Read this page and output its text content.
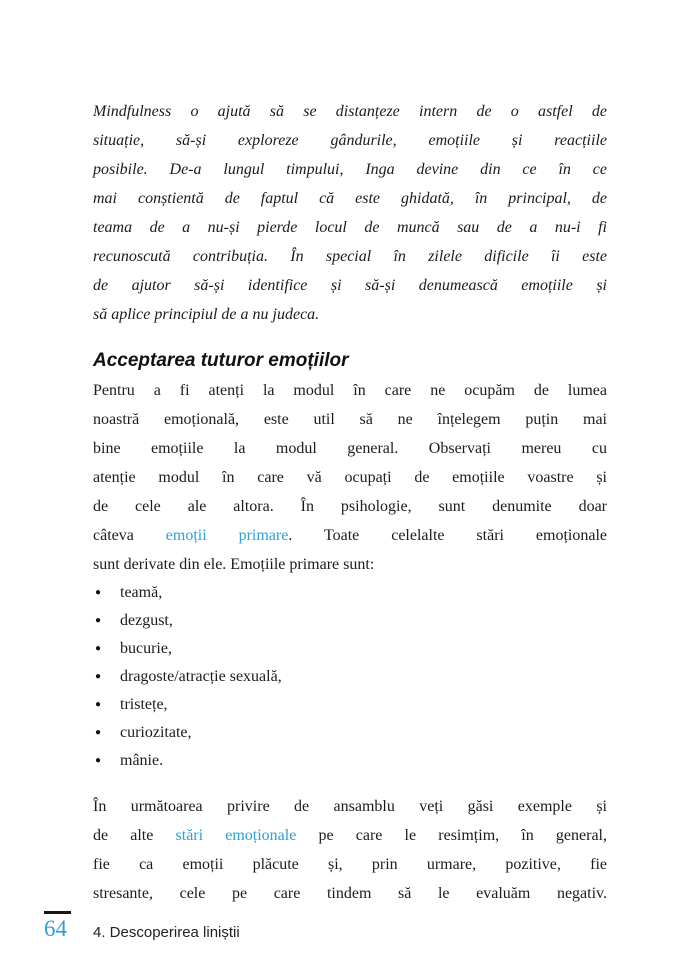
Mindfulness o ajută să se distanțeze intern de o astfel de
situație, să-și exploreze gândurile, emoțiile și reacțiile
posibile. De-a lungul timpului, Inga devine din ce în ce
mai conștientă de faptul că este ghidată, în principal, de
teama de a nu-și pierde locul de muncă sau de a nu-i fi
recunoscută contribuția. În special în zilele dificile îi este
de ajutor să-și identifice și să-și denumească emoțiile și
să aplice principiul de a nu judeca.
Acceptarea tuturor emoțiilor
Pentru a fi atenți la modul în care ne ocupăm de lumea
noastră emoțională, este util să ne înțelegem puțin mai
bine emoțiile la modul general. Observați mereu cu
atenție modul în care vă ocupați de emoțiile voastre și
de cele ale altora. În psihologie, sunt denumite doar
câteva emoții primare. Toate celelalte stări emoționale
sunt derivate din ele. Emoțiile primare sunt:
● teamă,
● dezgust,
● bucurie,
● dragoste/atracție sexuală,
● tristețe,
● curiozitate,
● mânie.
În următoarea privire de ansamblu veți găsi exemple și
de alte stări emoționale pe care le resimțim, în general,
fie ca emoții plăcute și, prin urmare, pozitive, fie
stresante, cele pe care tindem să le evaluăm negativ.
64 4. Descoperirea liniștii
